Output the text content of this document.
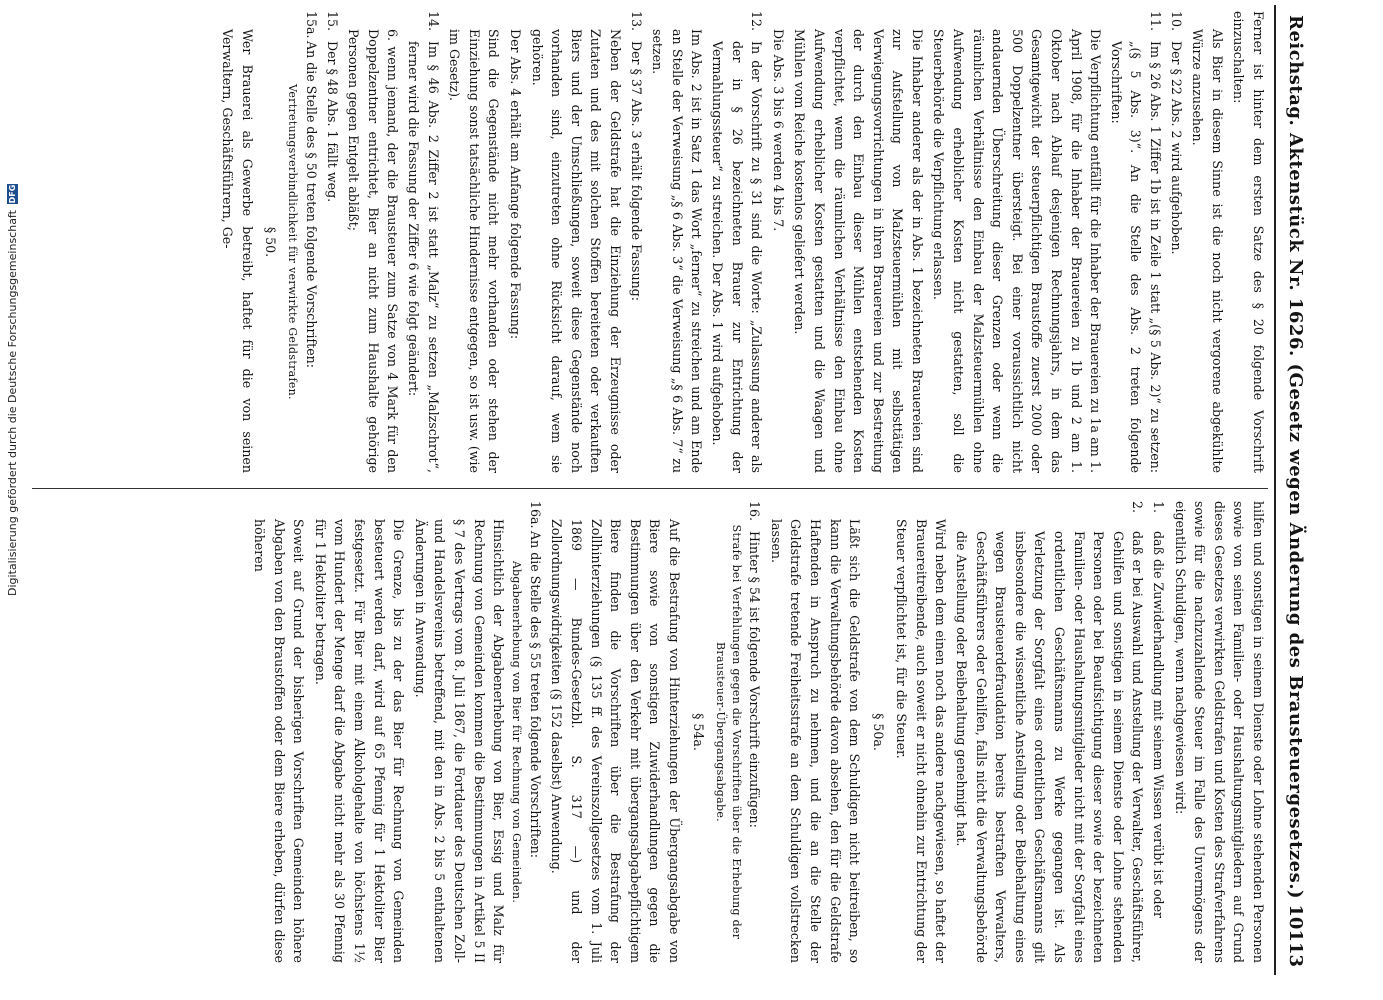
Reichstag. Aktenstück Nr. 1626. (Gesetz wegen Änderung des Brausteuergesetzes.)
10113
Ferner ist hinter dem ersten Satze des § 20 folgende Vorschrift einzuschalten:
Als Bier in diesem Sinne ist die noch nicht vergorene abgekühlte Würze anzusehen.
10.
Der § 22 Abs. 2 wird aufgehoben.
11.
Im § 26 Abs. 1 Ziffer 1b ist in Zeile 1 statt „(§ 5 Abs. 2)“ zu setzen: „(§ 5 Abs. 3)“. An die Stelle des Abs. 2 treten folgende Vorschriften:
Die Verpflichtung entfällt für die Inhaber der Brauereien zu 1a am 1. April 1908, für die Inhaber der Brauereien zu 1b und 2 am 1. Oktober nach Ablauf desjenigen Rechnungsjahrs, in dem das Gesamtgewicht der steuerpflichtigen Braustoffe zuerst 2000 oder 500 Doppelzentner übersteigt. Bei einer voraussichtlich nicht andauernden Überschreitung dieser Grenzen oder wenn die räumlichen Verhältnisse den Einbau der Malzsteuermühlen ohne Aufwendung erheblicher Kosten nicht gestatten, soll die Steuerbehörde die Verpflichtung erlassen.
Die Inhaber anderer als der in Abs. 1 bezeichneten Brauereien sind zur Aufstellung von Malzsteuermühlen mit selbsttätigen Verwiegungsvorrichtungen in ihren Brauereien und zur Bestreitung der durch den Einbau dieser Mühlen entstehenden Kosten verpflichtet, wenn die räumlichen Verhältnisse den Einbau ohne Aufwendung erheblicher Kosten gestatten und die Waagen und Mühlen vom Reiche kostenlos geliefert werden.
Die Abs. 3 bis 6 werden 4 bis 7.
12.
In der Vorschrift zu § 31 sind die Worte: „Zulassung anderer als der in § 26 bezeichneten Brauer zur Entrichtung der Vermahlungssteuer“ zu streichen. Der Abs. 1 wird aufgehoben.
Im Abs. 2 ist in Satz 1 das Wort „ferner“ zu streichen und am Ende an Stelle der Verweisung „§ 6 Abs. 3“ die Verweisung „§ 6 Abs. 7“ zu setzen.
13.
Der § 37 Abs. 3 erhält folgende Fassung:
Neben der Geldstrafe hat die Einziehung der Erzeugnisse oder Zutaten und des mit solchen Stoffen bereiteten oder verkauften Biers und der Umschließungen, soweit diese Gegenstände noch vorhanden sind, einzutreten ohne Rücksicht darauf, wem sie gehören.
Der Abs. 4 erhält am Anfange folgende Fassung:
Sind die Gegenstände nicht mehr vorhanden oder stehen der Einziehung sonst tatsächliche Hindernisse entgegen, so ist usw. (wie im Gesetz).
14.
Im § 46 Abs. 2 Ziffer 2 ist statt „Malz“ zu setzen „Malzschrot“, ferner wird die Fassung der Ziffer 6 wie folgt geändert:
6. wenn jemand, der die Brausteuer zum Satze von 4 Mark für den Doppelzentner entrichtet, Bier an nicht zum Haushalte gehörige Personen gegen Entgelt abläßt;
15.
Der § 48 Abs. 1 fällt weg.
15a.
An die Stelle des § 50 treten folgende Vorschriften:
Vertretungsverbindlichkeit für verwirkte Geldstrafen.
§ 50.
Wer Brauerei als Gewerbe betreibt, haftet für die von seinen Verwaltern, Geschäftsführern, Ge-
hilfen und sonstigen in seinem Dienste oder Lohne stehenden Personen sowie von seinen Familien- oder Haushaltungsmitgliedern auf Grund dieses Gesetzes verwirkten Geldstrafen und Kosten des Strafverfahrens sowie für die nachzuzahlende Steuer im Falle des Unvermögens der eigentlich Schuldigen, wenn nachgewiesen wird:
1.
daß die Zuwiderhandlung mit seinem Wissen verübt ist oder
2.
daß er bei Auswahl und Anstellung der Verwalter, Geschäftsführer, Gehilfen und sonstigen in seinem Dienste oder Lohne stehenden Personen oder bei Beaufsichtigung dieser sowie der bezeichneten Familien- oder Haushaltungsmitglieder nicht mit der Sorgfalt eines ordentlichen Geschäftsmanns zu Werke gegangen ist. Als Verletzung der Sorgfalt eines ordentlichen Geschäftsmanns gilt insbesondere die wissentliche Anstellung oder Beibehaltung eines wegen Brausteuerdefraudation bereits bestraften Verwalters, Geschäftsführers oder Gehilfen, falls nicht die Verwaltungsbehörde die Anstellung oder Beibehaltung genehmigt hat.
Wird neben dem einen noch das andere nachgewiesen, so haftet der Brauereitreibende, auch soweit er nicht ohnehin zur Entrichtung der Steuer verpflichtet ist, für die Steuer.
§ 50a.
Läßt sich die Geldstrafe von dem Schuldigen nicht beitreiben, so kann die Verwaltungsbehörde davon absehen, den für die Geldstrafe Haftenden in Anspruch zu nehmen, und die an die Stelle der Geldstrafe tretende Freiheitsstrafe an dem Schuldigen vollstrecken lassen.
16.
Hinter § 54 ist folgende Vorschrift einzufügen:
Strafe bei Verfehlungen gegen die Vorschriften über die Erhebung der Brausteuer-Übergangsabgabe.
§ 54a.
Auf die Bestrafung von Hinterziehungen der Übergangsabgabe von Biere sowie von sonstigen Zuwiderhandlungen gegen die Bestimmungen über den Verkehr mit übergangsabgabepflichtigem Biere finden die Vorschriften über die Bestrafung der Zollhinterziehungen (§ 135 ff. des Vereinszollgesetzes vom 1. Juli 1869 — Bundes-Gesetzbl. S. 317 —) und der Zollordnungswidrigkeiten (§ 152 daselbst) Anwendung.
16a.
An die Stelle des § 55 treten folgende Vorschriften:
Abgabenerhebung von Bier für Rechnung von Gemeinden.
Hinsichtlich der Abgabenerhebung von Bier, Essig und Malz für Rechnung von Gemeinden kommen die Bestimmungen in Artikel 5 II § 7 des Vertrags vom 8. Juli 1867, die Fortdauer des Deutschen Zoll- und Handelsvereins betreffend, mit den in Abs. 2 bis 5 enthaltenen Änderungen in Anwendung.
Die Grenze, bis zu der das Bier für Rechnung von Gemeinden besteuert werden darf, wird auf 65 Pfennig für 1 Hektoliter Bier festgesetzt. Für Bier mit einem Alkoholgehalte von höchstens 1½ vom Hundert der Menge darf die Abgabe nicht mehr als 30 Pfennig für 1 Hektoliter betragen.
Soweit auf Grund der bisherigen Vorschriften Gemeinden höhere Abgaben von den Braustoffen oder dem Biere erheben, dürfen diese höheren
Digitalisierung gefördert durch die Deutsche Forschungsgemeinschaft
DFG
